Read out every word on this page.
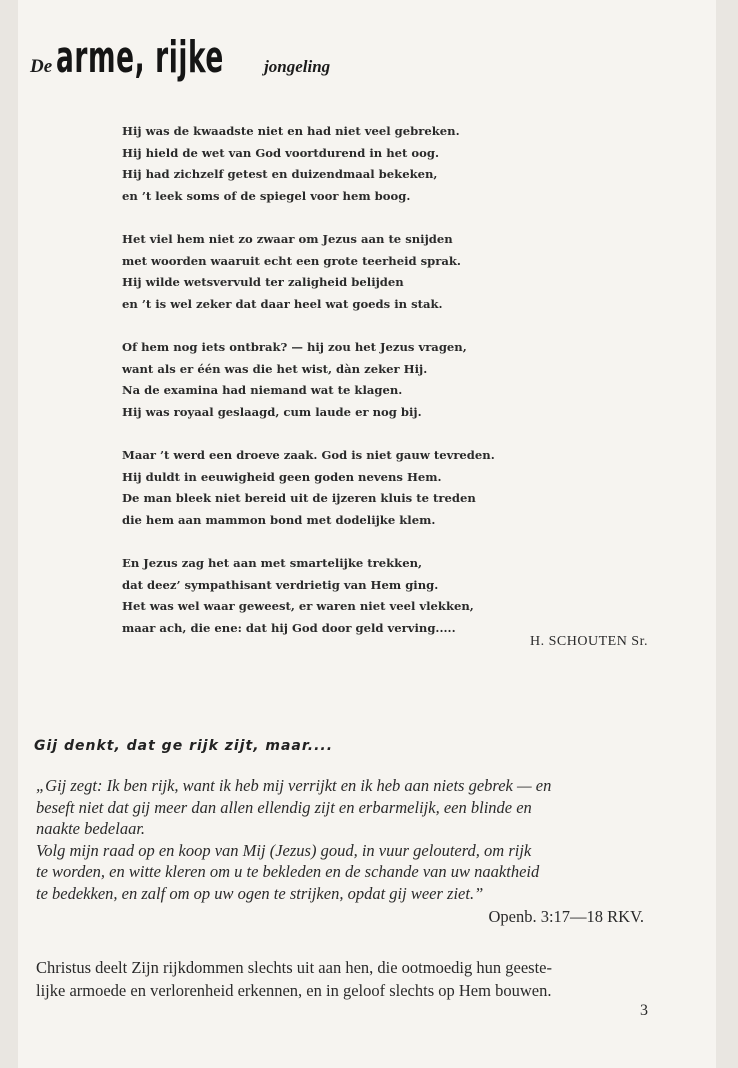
Dearme, rijke jongeling
Hij was de kwaadste niet en had niet veel gebreken.
Hij hield de wet van God voortdurend in het oog.
Hij had zichzelf getest en duizendmaal bekeken,
en ’t leek soms of de spiegel voor hem boog.
Het viel hem niet zo zwaar om Jezus aan te snijden
met woorden waaruit echt een grote teerheid sprak.
Hij wilde wetsvervuld ter zaligheid belijden
en ’t is wel zeker dat daar heel wat goeds in stak.
Of hem nog iets ontbrak? — hij zou het Jezus vragen,
want als er één was die het wist, dàn zeker Hij.
Na de examina had niemand wat te klagen.
Hij was royaal geslaagd, cum laude er nog bij.
Maar ’t werd een droeve zaak. God is niet gauw tevreden.
Hij duldt in eeuwigheid geen goden nevens Hem.
De man bleek niet bereid uit de ijzeren kluis te treden
die hem aan mammon bond met dodelijke klem.
En Jezus zag het aan met smartelijke trekken,
dat deez’ sympathisant verdrietig van Hem ging.
Het was wel waar geweest, er waren niet veel vlekken,
maar ach, die ene: dat hij God door geld verving.....
H. SCHOUTEN Sr.
Gij denkt, dat ge rijk zijt, maar....
„Gij zegt: Ik ben rijk, want ik heb mij verrijkt en ik heb aan niets gebrek — en
beseft niet dat gij meer dan allen ellendig zijt en erbarmelijk, een blinde en
naakte bedelaar.
Volg mijn raad op en koop van Mij (Jezus) goud, in vuur gelouterd, om rijk
te worden, en witte kleren om u te bekleden en de schande van uw naaktheid
te bedekken, en zalf om op uw ogen te strijken, opdat gij weer ziet.”
Openb. 3:17—18 RKV.
Christus deelt Zijn rijkdommen slechts uit aan hen, die ootmoedig hun geeste-
lijke armoede en verlorenheid erkennen, en in geloof slechts op Hem bouwen.
3
